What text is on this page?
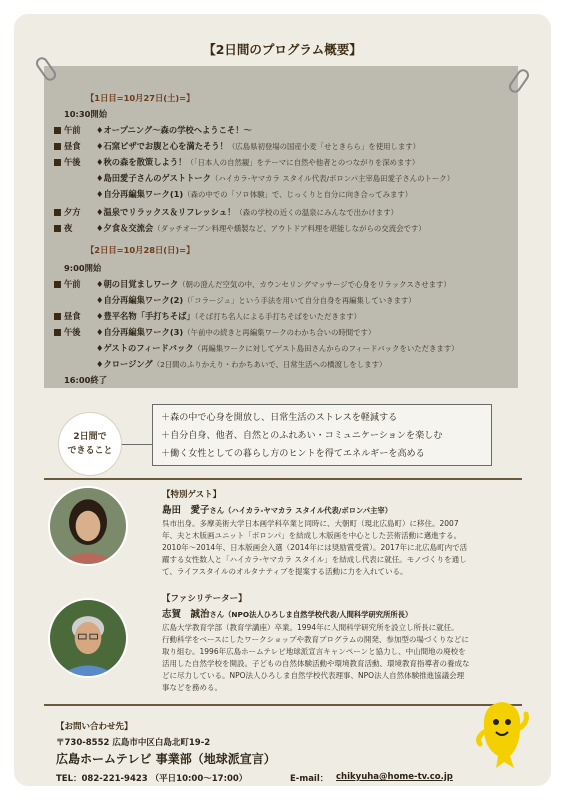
【2日間のプログラム概要】
【1日目=10月27日(土)=】
10:30開始
午前 ♦オープニング～森の学校へようこそ！～
昼食 ♦石窯ピザでお腹と心を満たそう！（広島県初登場の国産小麦「せときらら」を使用します）
午後 ♦秋の森を散策しよう！（「日本人の自然観」をテーマに自然や他者とのつながりを深めます）
♦島田愛子さんのゲストトーク（ハイカラ-ヤマカラ スタイル代表/ボロンパ主宰島田愛子さんのトーク）
♦自分再編集ワーク(1)（森の中での「ソロ体験」で、じっくりと自分に向き合ってみます）
夕方 ♦温泉でリラックス＆リフレッシュ！（森の学校の近くの温泉にみんなで出かけます）
夜	♦夕食＆交流会（ダッチオーブン料理や燻製など、アウトドア料理を堪能しながらの交流会です）
【2日目=10月28日(日)=】
9:00開始
午前 ♦朝の目覚ましワーク（朝の澄んだ空気の中、カウンセリングマッサージで心身をリラックスさせます）
♦自分再編集ワーク(2)（「コラージュ」という手法を用いて自分自身を再編集していきます）
昼食 ♦豊平名物「手打ちそば」（そば打ち名人による手打ちそばをいただきます）
午後 ♦自分再編集ワーク(3)（午前中の続きと再編集ワークのわかち合いの時間です）
♦ゲストのフィードバック（再編集ワークに対してゲスト島田さんからのフィードバックをいただきます）
♦クロージング（2日間のふりかえり・わかちあいで、日常生活への橋渡しをします）
16:00終了
2日間で
できること
＋森の中で心身を開放し、日常生活のストレスを軽減する
＋自分自身、他者、自然とのふれあい・コミュニケーションを楽しむ
＋働く女性としての暮らし方のヒントを得てエネルギーを高める
【特別ゲスト】
島田　愛子さん（ハイカラ-ヤマカラ スタイル代表/ボロンパ主宰）

呉市出身。多摩美術大学日本画学科卒業と同時に、大朝町（現北広島町）に移住。2007

年、夫と木版画ユニット「ボロンパ」を結成し木版画を中心とした芸術活動に邁進する。

2010年～2014年、日本版画会入選（2014年には奨励賞受賞）。2017年に北広島町内で活

躍する女性数人と「ハイカラ-ヤマカラ スタイル」を結成し代表に就任。モノづくりを通し

て、ライフスタイルのオルタナティブを提案する活動に力を入れている。

【ファシリテーター】
志賀　誠治さん（NPO法人ひろしま自然学校代表/人間科学研究所所長）

広島大学教育学部（教育学講座）卒業。1994年に人間科学研究所を設立し所長に就任。

行動科学をベースにしたワークショップや教育プログラムの開発、参加型の場づくりなどに

取り組む。1996年広島ホームテレビ地球派宣言キャンペーンと協力し、中山間地の廃校を

活用した自然学校を開設。子どもの自然体験活動や環境教育活動、環境教育指導者の養成な

どに尽力している。NPO法人ひろしま自然学校代表理事、NPO法人自然体験推進協議会理

事などを務める。

【お問い合わせ先】
〒730-8552 広島市中区白島北町19-2
広島ホームテレビ 事業部（地球派宣言）
TEL：082-221-9423 （平日10:00～17:00）	E-mail： chikyuha@home-tv.co.jp
